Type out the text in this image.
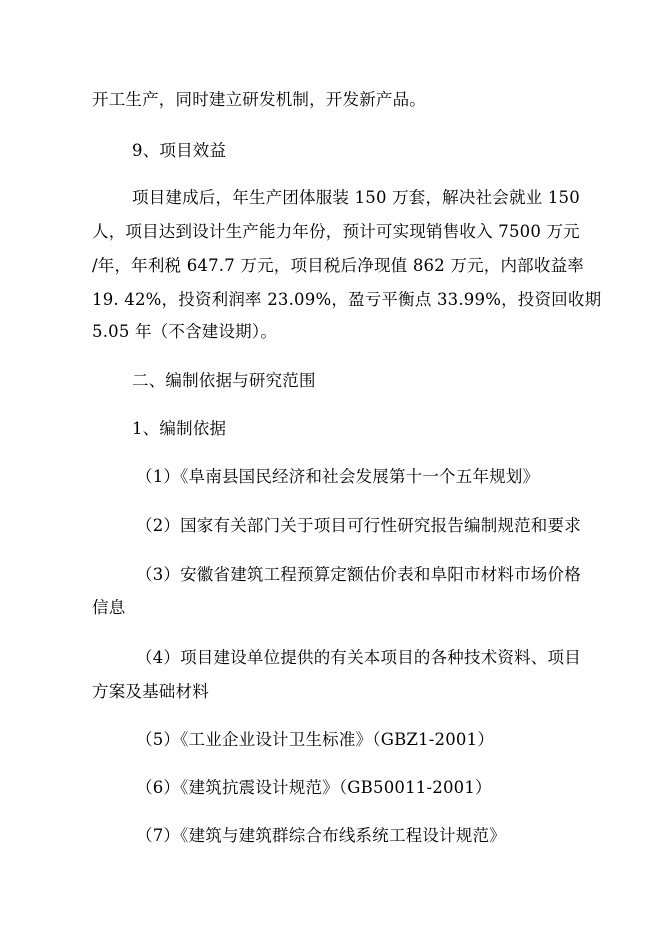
开工生产，同时建立研发机制，开发新产品。
9、项目效益
项目建成后，年生产团体服装 150 万套，解决社会就业 150
人，项目达到设计生产能力年份，预计可实现销售收入 7500 万元
/年，年利税 647.7 万元，项目税后净现值 862 万元，内部收益率
19. 42%，投资利润率 23.09%，盈亏平衡点 33.99%，投资回收期
5.05 年（不含建设期）。
二、编制依据与研究范围
1、编制依据
（1）《阜南县国民经济和社会发展第十一个五年规划》
（2）国家有关部门关于项目可行性研究报告编制规范和要求
（3）安徽省建筑工程预算定额估价表和阜阳市材料市场价格
信息
（4）项目建设单位提供的有关本项目的各种技术资料、项目
方案及基础材料
（5）《工业企业设计卫生标准》（GBZ1-2001）
（6）《建筑抗震设计规范》（GB50011-2001）
（7）《建筑与建筑群综合布线系统工程设计规范》
